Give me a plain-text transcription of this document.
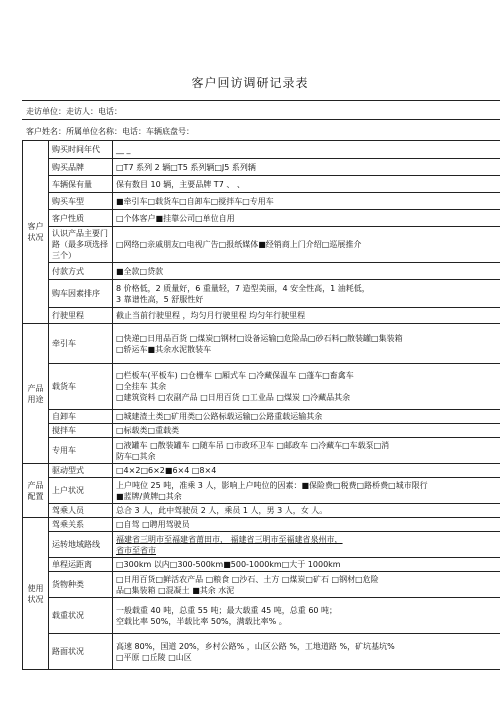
客户回访调研记录表
走访单位：走访人：电话：
客户姓名：所属单位名称：电话：车辆底盘号：
客户状况	购买时间年代	__ _
	购买品牌	□T7 系列 2 辆□T5 系列辆□J5 系列辆
	车辆保有量	保有数目 10 辆，主要品牌 T7 、 、
	购买车型	■牵引车□载货车□自卸车□搅拌车□专用车
	客户性质	□个体客户■挂靠公司□单位自用
	认识产品主要门路（最多项选择三个）	□网络□亲戚朋友□电视广告□报纸媒体■经销商上门介绍□巡展推介
	付款方式	■全款□贷款
	购车因素排序	8 价格低，2 质量好，6 重量轻，7 造型美丽，4 安全性高，1 油耗低，
3 靠谱性高，5 舒服性好

	行驶里程	截止当前行驶里程 ，均匀月行驶里程 均匀年行驶里程
产品用途	牵引车	□快递□日用品百货 □煤炭□钢材□设备运输□危险品□砂石料□散装罐□集装箱
□轿运车■其余水泥散装车

	载货车	□栏板车(平板车) □仓栅车 □厢式车 □冷藏保温车 □蓬车□畜禽车
□全挂车 其余
□建筑资料 □农副产品 □日用百货 □工业品 □煤炭 □冷藏品其余

	自卸车	□城建渣土类□矿用类□公路标载运输□公路重载运输其余
	搅拌车	□标载类□重载类
	专用车	□液罐车 □散装罐车 □随车吊 □市政环卫车 □邮政车 □冷藏车□车载泵□消
防车□其余

产品配置	驱动型式	□4×2□6×2■6×4 □8×4
	上户状况	上户吨位 25 吨，准乘 3 人，影响上户吨位的因素：■保险费□税费□路桥费□城市限行
■蓝牌/黄牌□其余

	驾乘人员	总合 3 人，此中驾驶员 2 人，乘员 1 人，男 3 人，女 人。
使用状况	驾乘关系	□自驾 □聘用驾驶员
	运转地域路线	福建省三明市至福建省莆田市， 福建省三明市至福建省泉州市，
省市至省市

	单程运距离	□300km 以内□300-500km■500-1000km□大于 1000km
	货物种类	□日用百货□鲜活农产品 □粮食 □沙石、土方 □煤炭□矿石 □钢材□危险
品□集装箱 □混凝土 ■其余 水泥

	载重状况	一般载重 40 吨，总重 55 吨；最大载重 45 吨，总重 60 吨；
空载比率 50%，半载比率 50%，满载比率% 。

	路面状况	高速 80%，国道 20%，乡村公路% ，山区公路 %，工地道路 %，矿坑基坑%
□平原 □丘陵 □山区
